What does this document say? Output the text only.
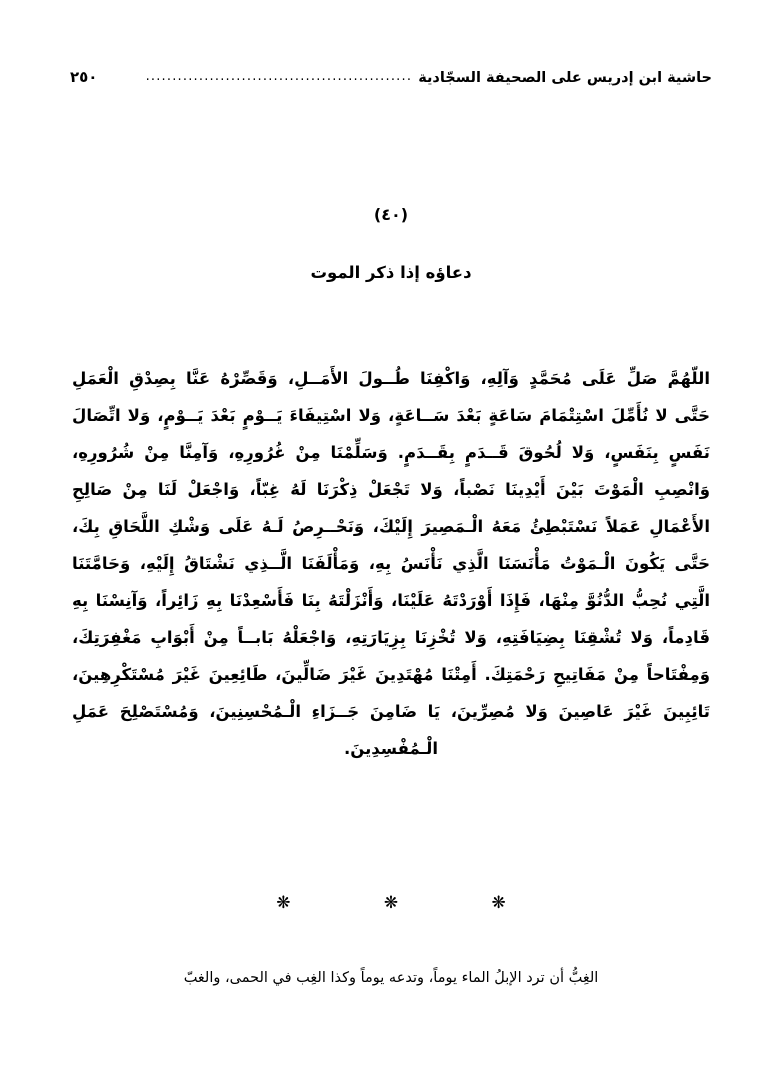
حاشية ابن إدريس على الصحيفة السجّادية
..................................................
٢٥٠
(٤٠)
دعاؤه إذا ذكر الموت

اللّهُمَّ صَلِّ عَلَى مُحَمَّدٍ وَآلِهِ، وَاكْفِنَا طُــولَ الأَمَــلِ، وَقَصِّرْهُ عَنَّا بِصِدْقِ الْعَمَلِ حَتَّى لا نُأَمِّلَ اسْتِتْمَامَ سَاعَةٍ بَعْدَ سَــاعَةٍ، وَلا اسْتِيفَاءَ يَــوْمٍ بَعْدَ يَــوْمٍ، وَلا اتِّصَالَ نَفَسٍ بِنَفَسٍ، وَلا لُحُوقَ قَــدَمٍ بِقَــدَمٍ. وَسَلِّمْنَا مِنْ غُرُورِهِ، وَآمِنَّا مِنْ شُرُورِهِ، وَانْصِبِ الْمَوْتَ بَيْنَ أَيْدِينَا نَصْباً، وَلا تَجْعَلْ ذِكْرَنَا لَهُ غِبّاً، وَاجْعَلْ لَنَا مِنْ صَالِحِ الأَعْمَالِ عَمَلاً نَسْتَبْطِئُ مَعَهُ الْـمَصِيرَ إِلَيْكَ، وَنَحْــرِصُ لَـهُ عَلَى وَشْكِ اللَّحَاقِ بِكَ، حَتَّى يَكُونَ الْـمَوْتُ مَأْنَسَنَا الَّذِي نَأْنَسُ بِهِ، وَمَأْلَفَنَا الَّــذِي نَشْتَاقُ إِلَيْهِ، وَحَامَّتَنَا الَّتِي نُحِبُّ الدُّنُوَّ مِنْهَا، فَإِذَا أَوْرَدْتَهُ عَلَيْنَا، وَأَنْزَلْتَهُ بِنَا فَأَسْعِدْنَا بِهِ زَائِراً، وَآنِسْنَا بِهِ قَادِماً، وَلا تُشْقِنَا بِضِيَافَتِهِ، وَلا تُخْزِنَا بِزِيَارَتِهِ، وَاجْعَلْهُ بَابــاً مِنْ أَبْوَابِ مَغْفِرَتِكَ، وَمِفْتَاحاً مِنْ مَفَاتِيحِ رَحْمَتِكَ. أَمِتْنَا مُهْتَدِينَ غَيْرَ ضَالِّينَ، طَائِعِينَ غَيْرَ مُسْتَكْرِهِينَ، تَائِبِينَ غَيْرَ عَاصِينَ وَلا مُصِرِّينَ، يَا ضَامِنَ جَــزَاءِ الْـمُحْسِنِينَ، وَمُسْتَصْلِحَ عَمَلِ الْـمُفْسِدِينَ.

❋ ❋ ❋

الغِبُّ أن ترد الإبلُ الماء يوماً، وتدعه يوماً وكذا الغِب في الحمى، والغبّ
